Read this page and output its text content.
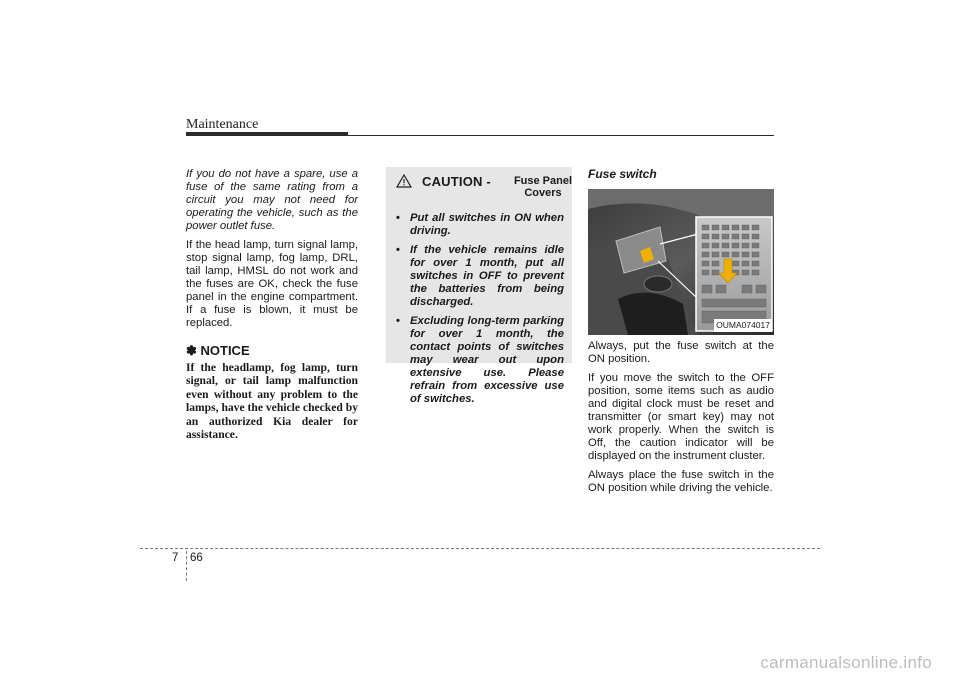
Maintenance

If you do not have a spare, use a fuse of the same rating from a circuit you may not need for operating the vehicle, such as the power outlet fuse.

If the head lamp, turn signal lamp, stop signal lamp, fog lamp, DRL, tail lamp, HMSL do not work and the fuses are OK, check the fuse panel in the engine compartment. If a fuse is blown, it must be replaced.

✽ NOTICE

If the headlamp, fog lamp, turn signal, or tail lamp malfunction even without any problem to the lamps, have the vehicle checked by an authorized Kia dealer for assistance.

CAUTION -	Fuse Panel Covers
• Put all switches in ON when driving.
• If the vehicle remains idle for over 1 month, put all switches in OFF to prevent the batteries from being discharged.
• Excluding long-term parking for over 1 month, the contact points of switches may wear out upon extensive use. Please refrain from excessive use of switches.
Fuse switch
OUMA074017

Always, put the fuse switch at the ON position.

If you move the switch to the OFF position, some items such as audio and digital clock must be reset and transmitter (or smart key) may not work properly. When the switch is Off, the caution indicator will be displayed on the instrument cluster.

Always place the fuse switch in the ON position while driving the vehicle.

7 66
carmanualsonline.info
